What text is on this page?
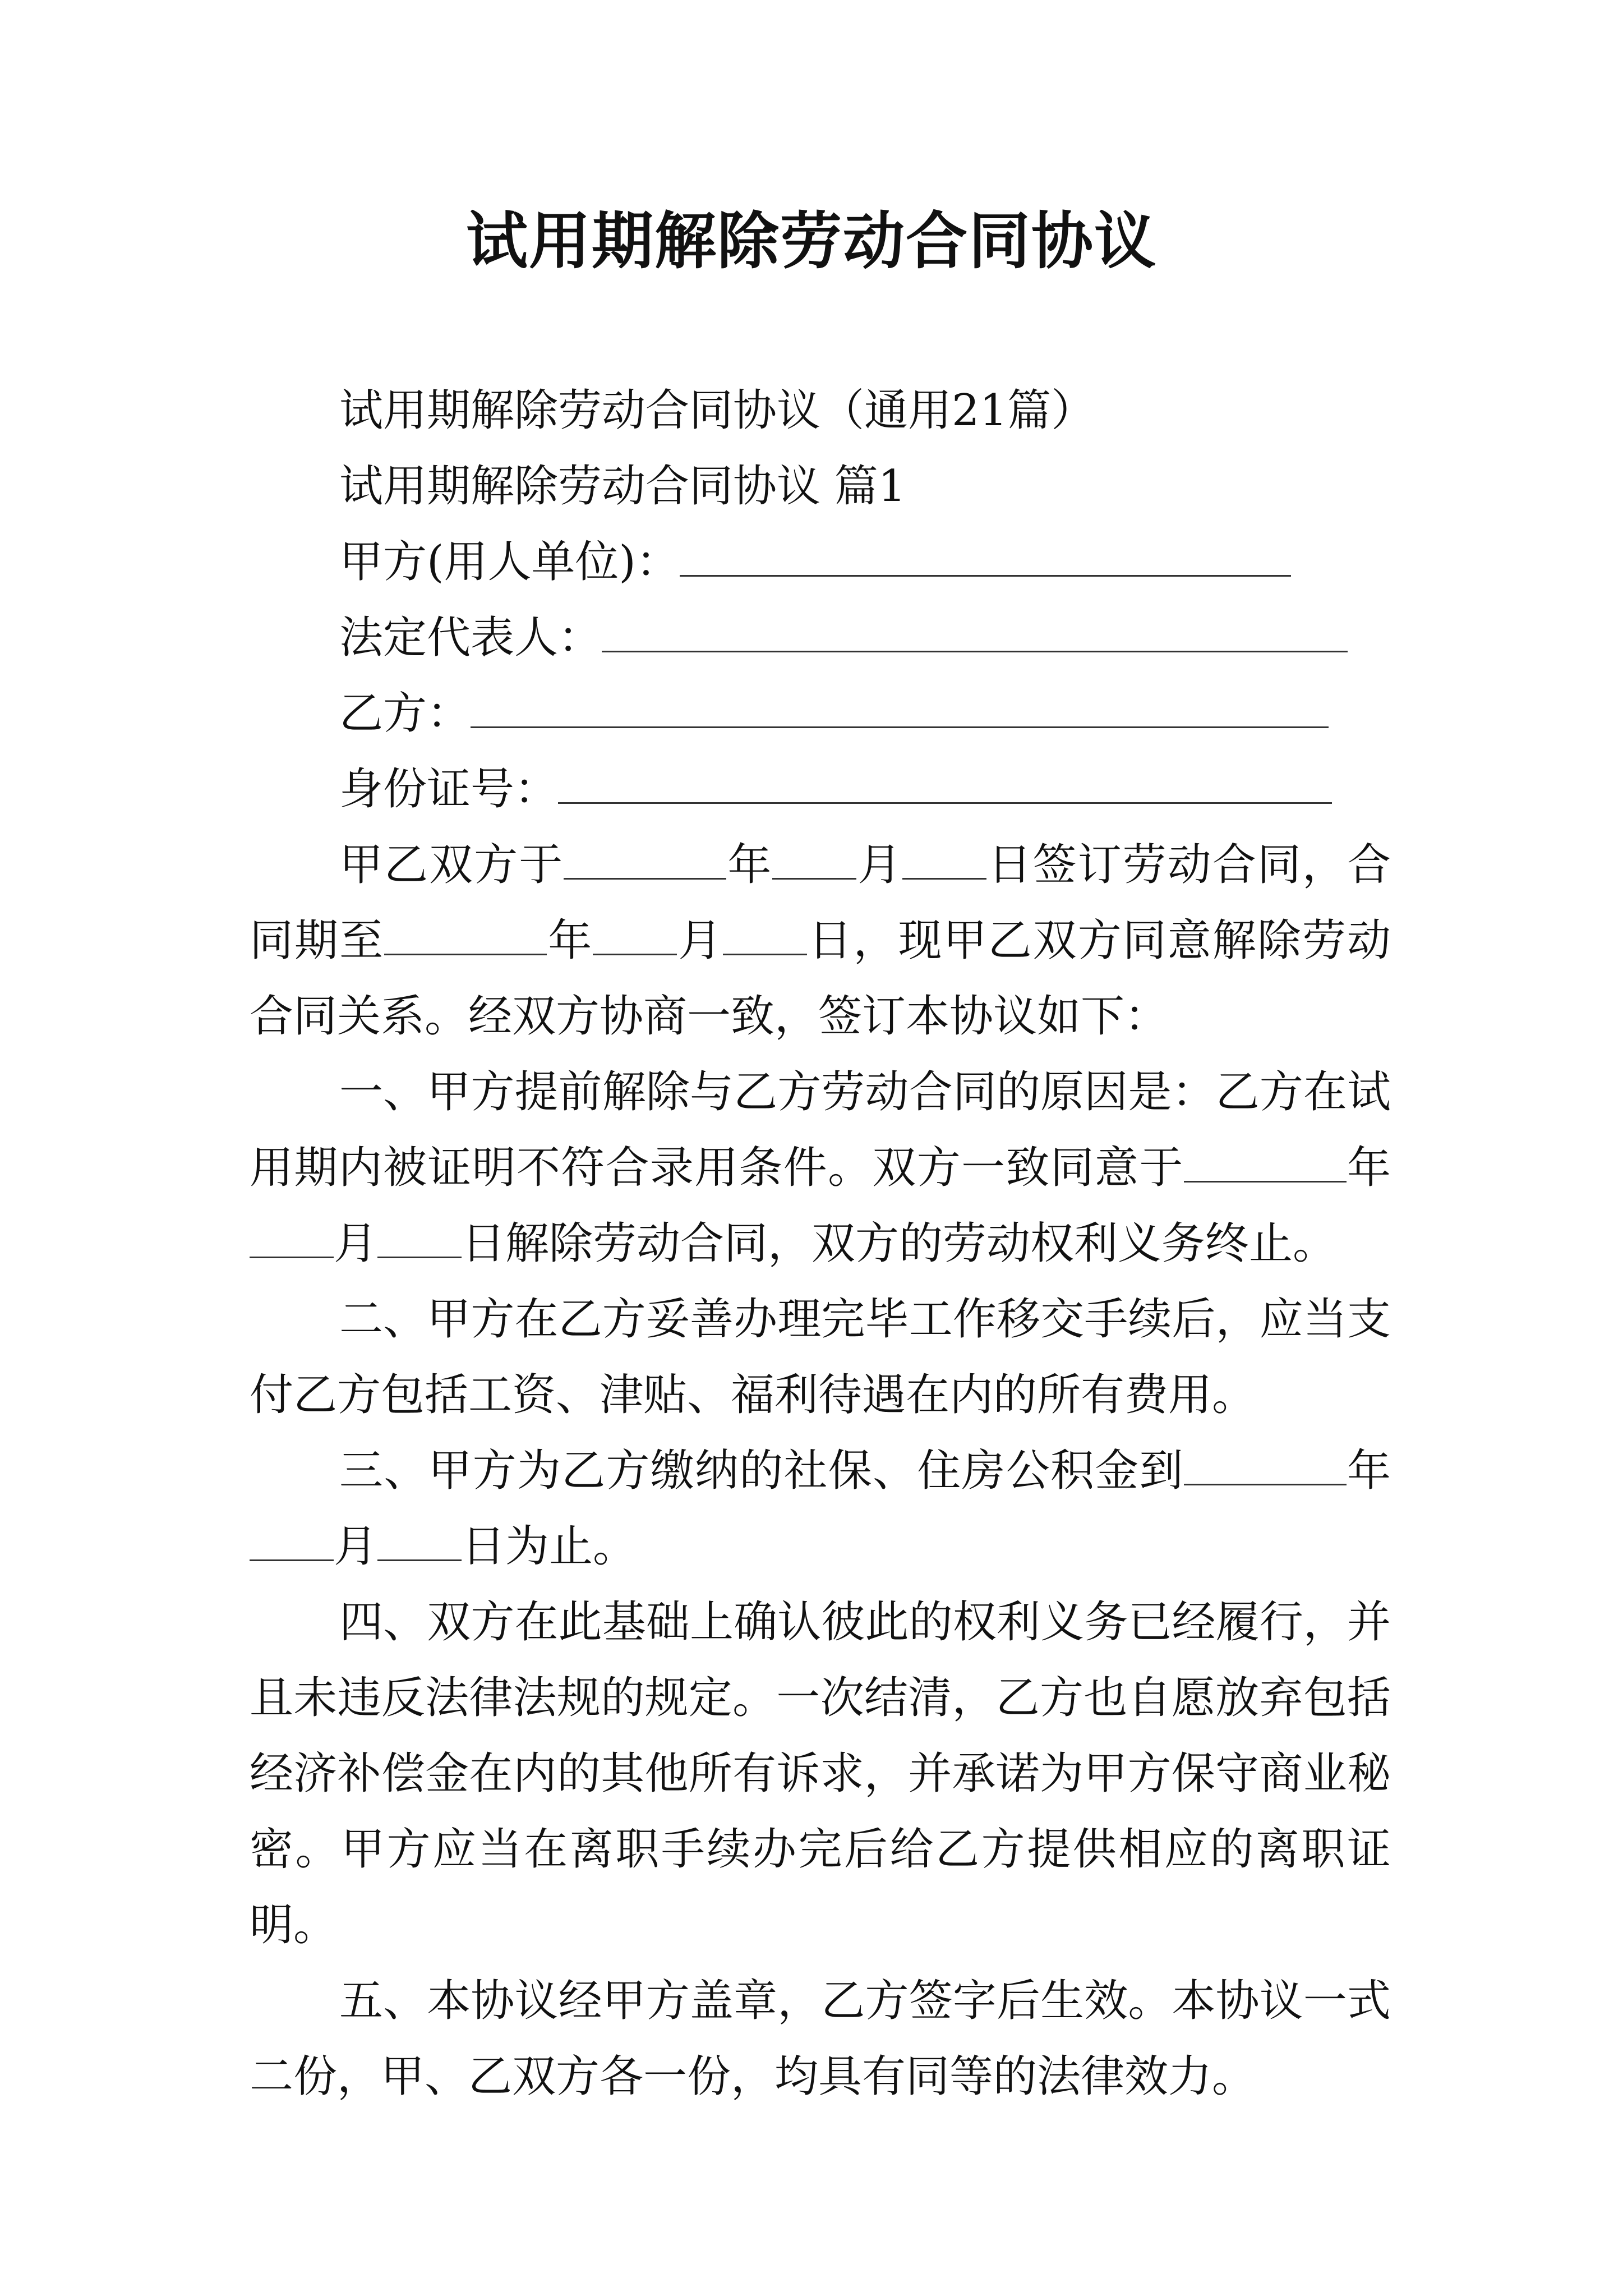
试用期解除劳动合同协议
试用期解除劳动合同协议（通用21篇）
试用期解除劳动合同协议 篇1
甲方(用人单位)：
法定代表人：
乙方：
身份证号：
甲乙双方于	年 月 日签订劳动合同，合同期至	年 月 日，现甲乙双方同意解除劳动合同关系。经双方协商一致，签订本协议如下：
一、甲方提前解除与乙方劳动合同的原因是：乙方在试用期内被证明不符合录用条件。双方一致同意于	年月 日解除劳动合同，双方的劳动权利义务终止。
二、甲方在乙方妥善办理完毕工作移交手续后，应当支付乙方包括工资、津贴、福利待遇在内的所有费用。
三、甲方为乙方缴纳的社保、住房公积金到	年月 日为止。
四、双方在此基础上确认彼此的权利义务已经履行，并且未违反法律法规的规定。一次结清，乙方也自愿放弃包括经济补偿金在内的其他所有诉求，并承诺为甲方保守商业秘密。甲方应当在离职手续办完后给乙方提供相应的离职证明。
五、本协议经甲方盖章，乙方签字后生效。本协议一式二份，甲、乙双方各一份，均具有同等的法律效力。
